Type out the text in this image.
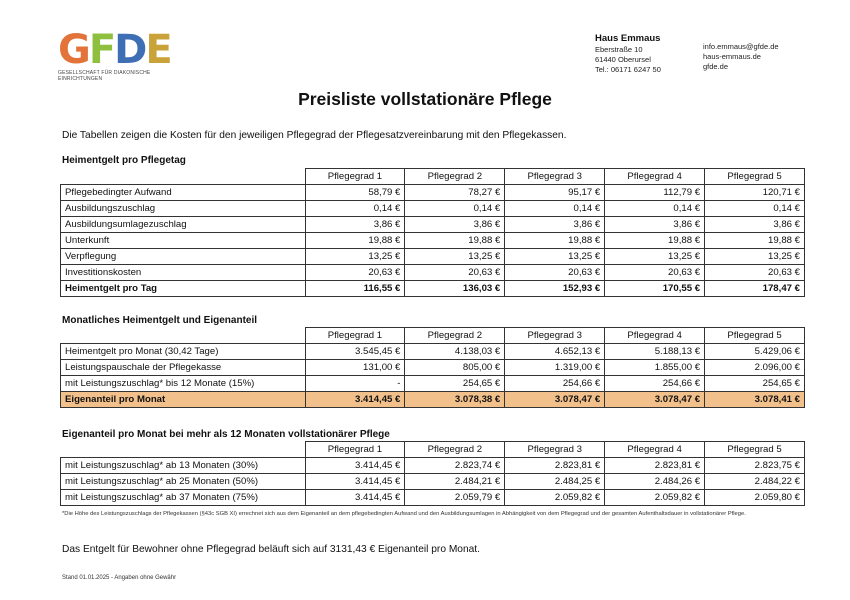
GFDE
GESELLSCHAFT FÜR DIAKONISCHE EINRICHTUNGEN
Haus Emmaus
Eberstraße 10
61440 Oberursel
Tel.: 06171 6247 50
info.emmaus@gfde.de
haus-emmaus.de
gfde.de
Preisliste vollstationäre Pflege
Die Tabellen zeigen die Kosten für den jeweiligen Pflegegrad der Pflegesatzvereinbarung mit den Pflegekassen.
Heimentgelt pro Pflegetag
	Pflegegrad 1	Pflegegrad 2	Pflegegrad 3	Pflegegrad 4	Pflegegrad 5
Pflegebedingter Aufwand	58,79 €	78,27 €	95,17 €	112,79 €	120,71 €
Ausbildungszuschlag	0,14 €	0,14 €	0,14 €	0,14 €	0,14 €
Ausbildungsumlagezuschlag	3,86 €	3,86 €	3,86 €	3,86 €	3,86 €
Unterkunft	19,88 €	19,88 €	19,88 €	19,88 €	19,88 €
Verpflegung	13,25 €	13,25 €	13,25 €	13,25 €	13,25 €
Investitionskosten	20,63 €	20,63 €	20,63 €	20,63 €	20,63 €
Heimentgelt pro Tag	116,55 €	136,03 €	152,93 €	170,55 €	178,47 €
Monatliches Heimentgelt und Eigenanteil
	Pflegegrad 1	Pflegegrad 2	Pflegegrad 3	Pflegegrad 4	Pflegegrad 5
Heimentgelt pro Monat (30,42 Tage)	3.545,45 €	4.138,03 €	4.652,13 €	5.188,13 €	5.429,06 €
Leistungspauschale der Pflegekasse	131,00 €	805,00 €	1.319,00 €	1.855,00 €	2.096,00 €
mit Leistungszuschlag* bis 12 Monate (15%)	-	254,65 €	254,66 €	254,66 €	254,65 €
Eigenanteil pro Monat	3.414,45 €	3.078,38 €	3.078,47 €	3.078,47 €	3.078,41 €
Eigenanteil pro Monat bei mehr als 12 Monaten vollstationärer Pflege
	Pflegegrad 1	Pflegegrad 2	Pflegegrad 3	Pflegegrad 4	Pflegegrad 5
mit Leistungszuschlag* ab 13 Monaten (30%)	3.414,45 €	2.823,74 €	2.823,81 €	2.823,81 €	2.823,75 €
mit Leistungszuschlag* ab 25 Monaten (50%)	3.414,45 €	2.484,21 €	2.484,25 €	2.484,26 €	2.484,22 €
mit Leistungszuschlag* ab 37 Monaten (75%)	3.414,45 €	2.059,79 €	2.059,82 €	2.059,82 €	2.059,80 €
*Die Höhe des Leistungszuschlags der Pflegekassen (§43c SGB XI) errechnet sich aus dem Eigenanteil an dem pflegebedingten Aufwand und den Ausbildungsumlagen in Abhängigkeit von dem Pflegegrad und der gesamten Aufenthaltsdauer in vollstationärer Pflege.
Das Entgelt für Bewohner ohne Pflegegrad beläuft sich auf 3131,43 € Eigenanteil pro Monat.
Stand 01.01.2025 - Angaben ohne Gewähr
